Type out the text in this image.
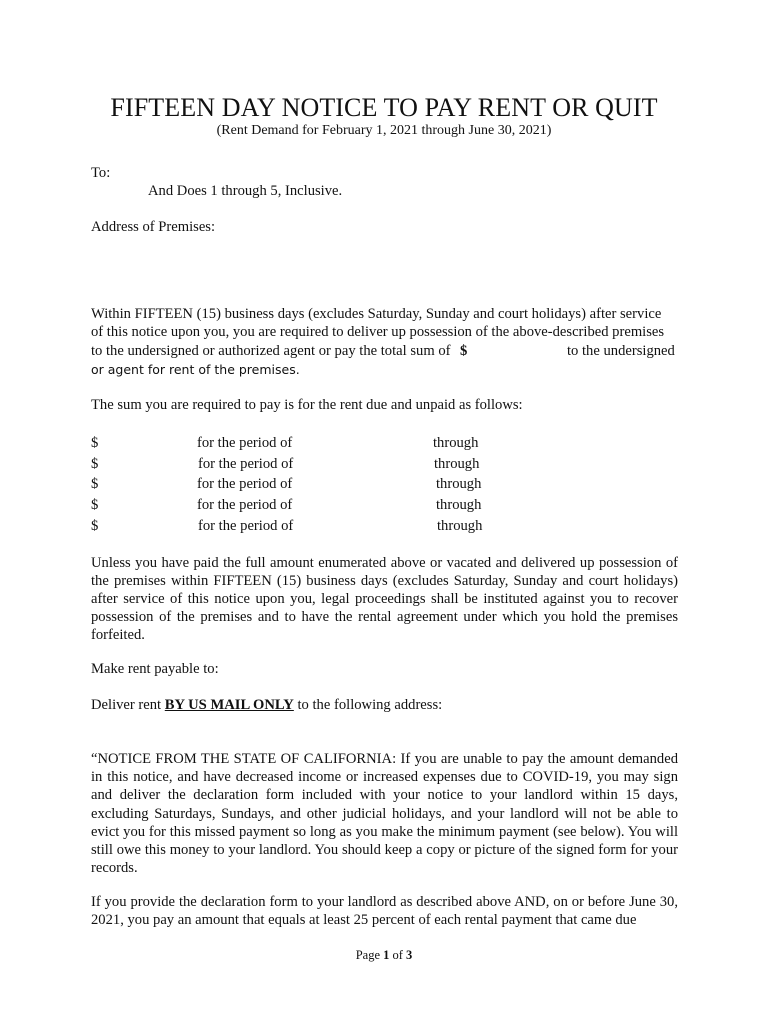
FIFTEEN DAY NOTICE TO PAY RENT OR QUIT
(Rent Demand for February 1, 2021 through June 30, 2021)
To:
And Does 1 through 5, Inclusive.
Address of Premises:
Within FIFTEEN (15) business days (excludes Saturday, Sunday and court holidays) after service
of this notice upon you, you are required to deliver up possession of the above-described premises
to the undersigned or authorized agent or pay the total sum of $	to the undersigned
or agent for rent of the premises.
The sum you are required to pay is for the rent due and unpaid as follows:
$	for the period of	through
$	for the period of	through
$	for the period of	through
$	for the period of	through
$	for the period of	through
Unless you have paid the full amount enumerated above or vacated and delivered up possession of the premises within FIFTEEN (15) business days (excludes Saturday, Sunday and court holidays) after service of this notice upon you, legal proceedings shall be instituted against you to recover possession of the premises and to have the rental agreement under which you hold the premises forfeited.
Make rent payable to:
Deliver rent BY US MAIL ONLY to the following address:
“NOTICE FROM THE STATE OF CALIFORNIA: If you are unable to pay the amount demanded in this notice, and have decreased income or increased expenses due to COVID-19, you may sign and deliver the declaration form included with your notice to your landlord within 15 days, excluding Saturdays, Sundays, and other judicial holidays, and your landlord will not be able to evict you for this missed payment so long as you make the minimum payment (see below). You will still owe this money to your landlord. You should keep a copy or picture of the signed form for your records.
If you provide the declaration form to your landlord as described above AND, on or before June 30, 2021, you pay an amount that equals at least 25 percent of each rental payment that came due
Page 1 of 3
